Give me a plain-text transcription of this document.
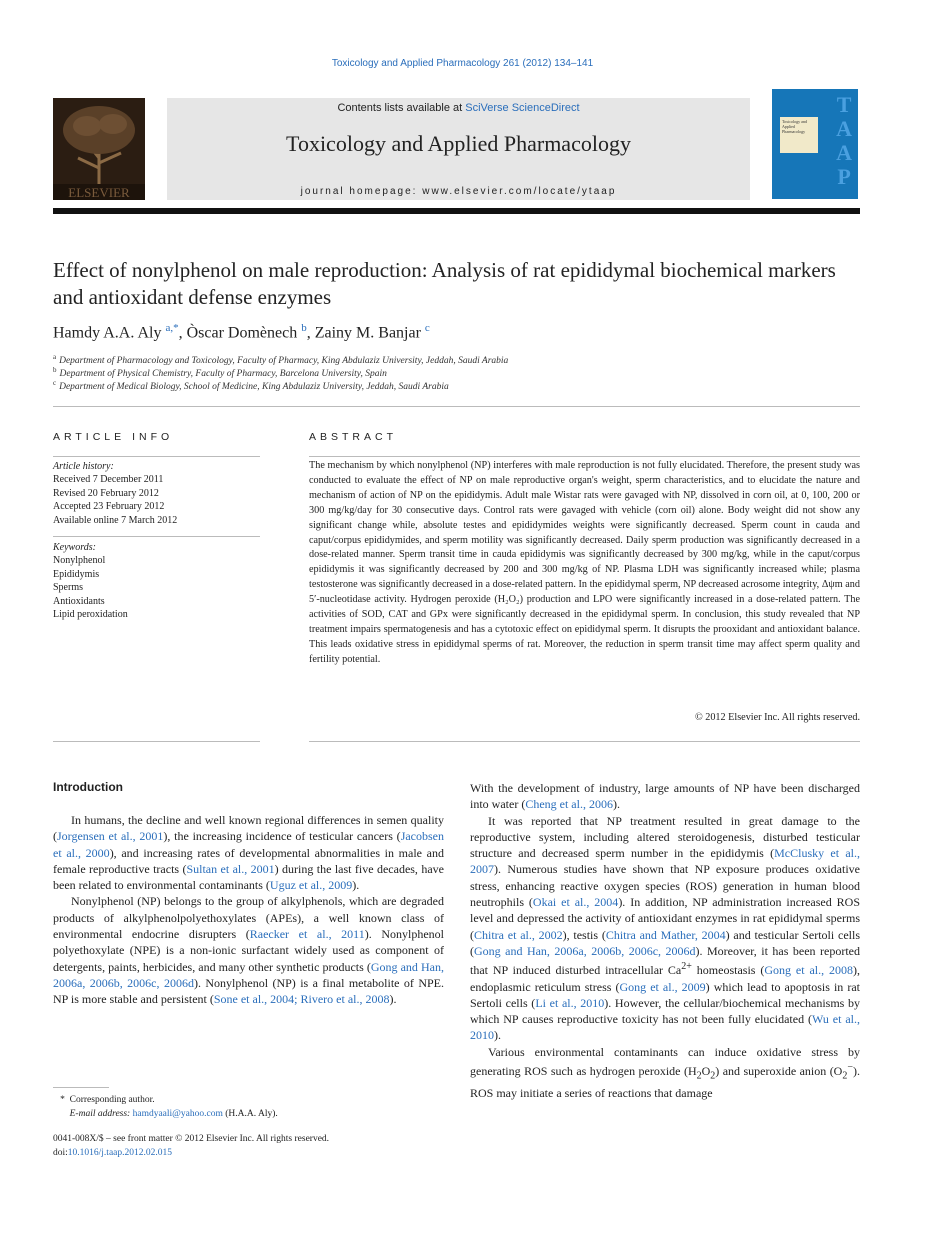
Toxicology and Applied Pharmacology 261 (2012) 134–141
ELSEVIER
Contents lists available at SciVerse ScienceDirect
Toxicology and Applied Pharmacology
journal homepage: www.elsevier.com/locate/ytaap
Toxicology and Applied Pharmacology
T
A
A
P
Effect of nonylphenol on male reproduction: Analysis of rat epididymal biochemical markers and antioxidant defense enzymes
Hamdy A.A. Aly $^{a,*}$, Òscar Domènech $^b$, Zainy M. Banjar $^c$
$^a$ Department of Pharmacology and Toxicology, Faculty of Pharmacy, King Abdulaziz University, Jeddah, Saudi Arabia
$^b$ Department of Physical Chemistry, Faculty of Pharmacy, Barcelona University, Spain
$^c$ Department of Medical Biology, School of Medicine, King Abdulaziz University, Jeddah, Saudi Arabia
ARTICLE INFO
Article history:
Received 7 December 2011
Revised 20 February 2012
Accepted 23 February 2012
Available online 7 March 2012
Keywords:
Nonylphenol
Epididymis
Sperms
Antioxidants
Lipid peroxidation
ABSTRACT
The mechanism by which nonylphenol (NP) interferes with male reproduction is not fully elucidated. Therefore, the present study was conducted to evaluate the effect of NP on male reproductive organ's weight, sperm characteristics, and to elucidate the nature and mechanism of action of NP on the epididymis. Adult male Wistar rats were gavaged with NP, dissolved in corn oil, at 0, 100, 200 or 300 mg/kg/day for 30 consecutive days. Control rats were gavaged with vehicle (corn oil) alone. Body weight did not show any significant change while, absolute testes and epididymides weights were significantly decreased. Sperm count in cauda and caput/corpus epididymides, and sperm motility was significantly decreased. Daily sperm production was significantly decreased in a dose-related manner. Sperm transit time in cauda epididymis was significantly decreased by 300 mg/kg, while in the caput/corpus epididymis it was significantly decreased by 200 and 300 mg/kg of NP. Plasma LDH was significantly increased while; plasma testosterone was significantly decreased in a dose-related pattern. In the epididymal sperm, NP decreased acrosome integrity, Δψm and 5′-nucleotidase activity. Hydrogen peroxide (H₂O₂) production and LPO were significantly increased in a dose-related pattern. The activities of SOD, CAT and GPx were significantly decreased in the epididymal sperm. In conclusion, this study revealed that NP treatment impairs spermatogenesis and has a cytotoxic effect on epididymal sperm. It disrupts the prooxidant and antioxidant balance. This leads oxidative stress in epididymal sperms of rat. Moreover, the reduction in sperm transit time may affect sperm quality and fertility potential.
© 2012 Elsevier Inc. All rights reserved.
Introduction

In humans, the decline and well known regional differences in semen quality (Jorgensen et al., 2001), the increasing incidence of testicular cancers (Jacobsen et al., 2000), and increasing rates of developmental abnormalities in male and female reproductive tracts (Sultan et al., 2001) during the last five decades, have been related to environmental contaminants (Uguz et al., 2009).

Nonylphenol (NP) belongs to the group of alkylphenols, which are degraded products of alkylphenolpolyethoxylates (APEs), a well known class of environmental endocrine disrupters (Raecker et al., 2011). Nonylphenol polyethoxylate (NPE) is a non-ionic surfactant widely used as component of detergents, paints, herbicides, and many other synthetic products (Gong and Han, 2006a, 2006b, 2006c, 2006d). Nonylphenol (NP) is a final metabolite of NPE. NP is more stable and persistent (Sone et al., 2004; Rivero et al., 2008).

With the development of industry, large amounts of NP have been discharged into water (Cheng et al., 2006).

It was reported that NP treatment resulted in great damage to the reproductive system, including altered steroidogenesis, disturbed testicular structure and decreased sperm number in the epididymis (McClusky et al., 2007). Numerous studies have shown that NP exposure produces oxidative stress, enhancing reactive oxygen species (ROS) generation in human blood neutrophils (Okai et al., 2004). In addition, NP administration increased ROS level and depressed the activity of antioxidant enzymes in rat epididymal sperms (Chitra et al., 2002), testis (Chitra and Mather, 2004) and testicular Sertoli cells (Gong and Han, 2006a, 2006b, 2006c, 2006d). Moreover, it has been reported that NP induced disturbed intracellular $Ca^{2+}$ homeostasis (Gong et al., 2008), endoplasmic reticulum stress (Gong et al., 2009) which lead to apoptosis in rat Sertoli cells (Li et al., 2010). However, the cellular/biochemical mechanisms by which NP causes reproductive toxicity has not been fully elucidated (Wu et al., 2010).

Various environmental contaminants can induce oxidative stress by generating ROS such as hydrogen peroxide $(H_2O_2)$ and superoxide anion $(O_2^-)$. ROS may initiate a series of reactions that damage

*  Corresponding author.
E-mail address: hamdyaali@yahoo.com (H.A.A. Aly).
0041-008X/$ – see front matter © 2012 Elsevier Inc. All rights reserved.
doi:10.1016/j.taap.2012.02.015
